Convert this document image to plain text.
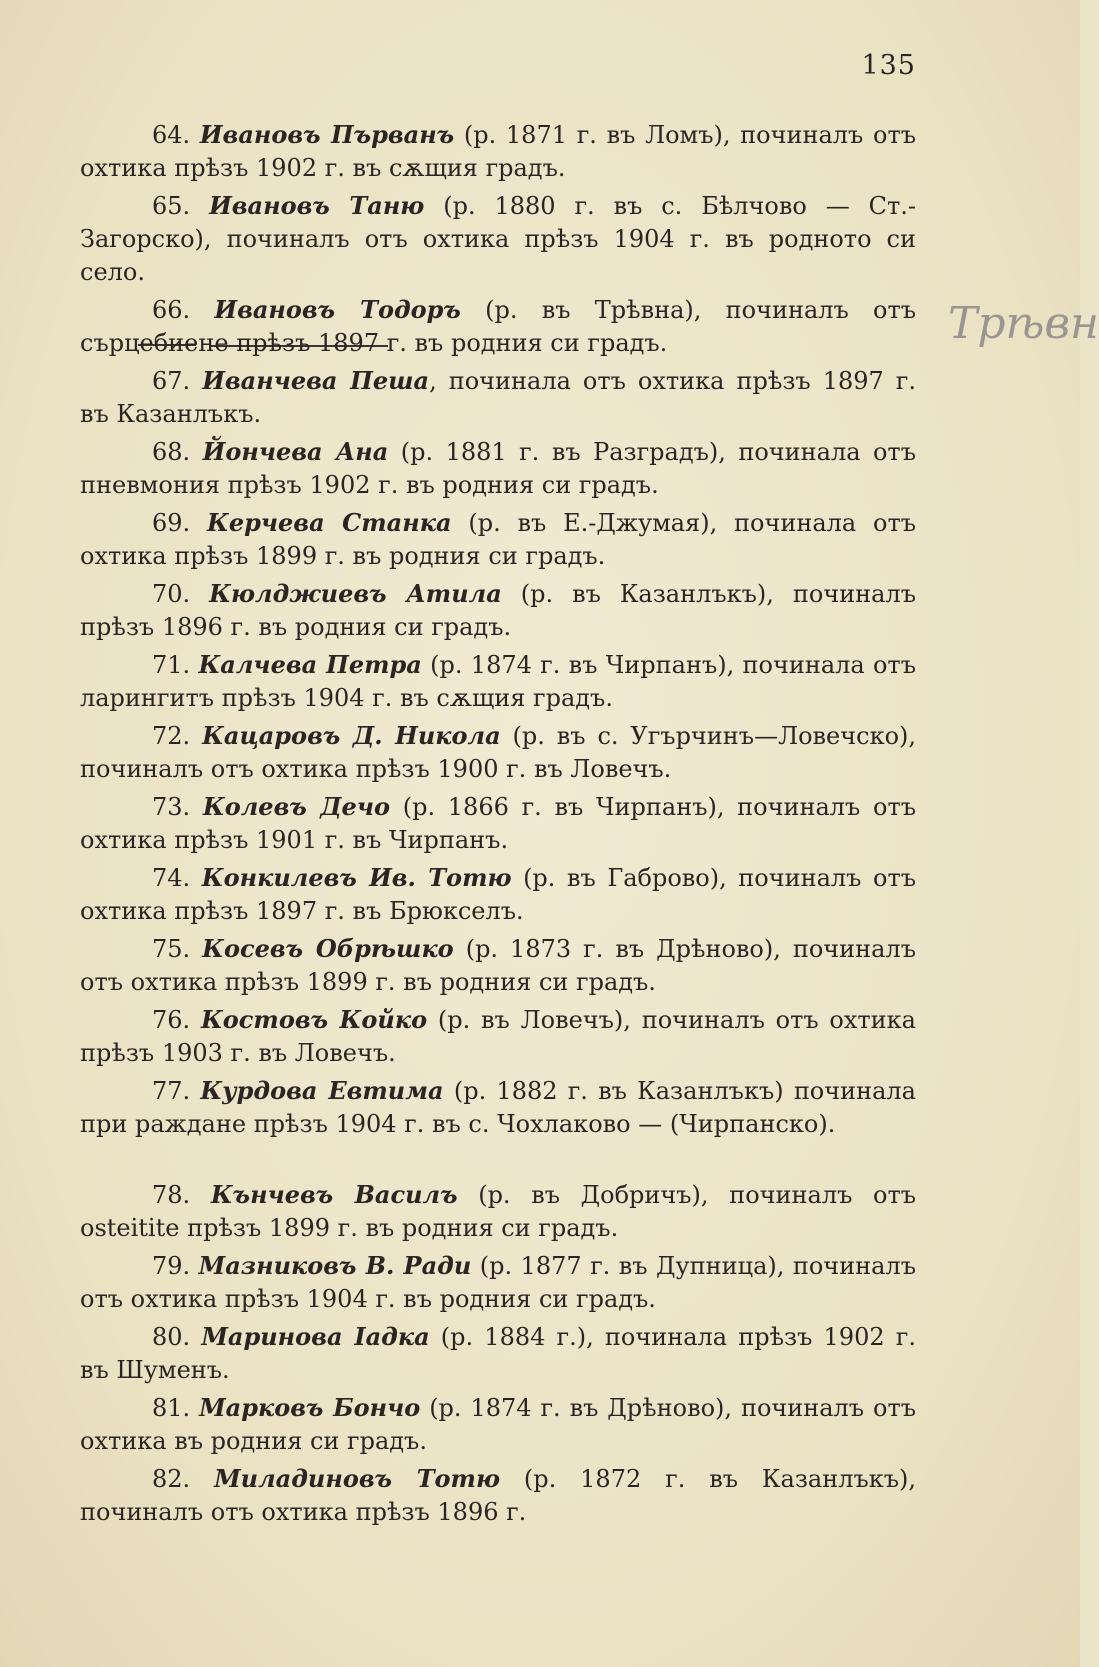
135
Трѣвн

64. Ивановъ Първанъ (р. 1871 г. въ Ломъ), починалъ отъ охтика прѣзъ 1902 г. въ сѫщия градъ.

65. Ивановъ Таню (р. 1880 г. въ с. Бѣлчово — Ст.-Загорско), починалъ отъ охтика прѣзъ 1904 г. въ родното си село.

66. Ивановъ Тодоръ (р. въ Трѣвна), починалъ отъ сърцебиене прѣзъ 1897 г. въ родния си градъ.

67. Иванчева Пеша, починала отъ охтика прѣзъ 1897 г. въ Казанлъкъ.

68. Йончева Ана (р. 1881 г. въ Разградъ), починала отъ пневмония прѣзъ 1902 г. въ родния си градъ.

69. Керчева Станка (р. въ Е.-Джумая), починала отъ охтика прѣзъ 1899 г. въ родния си градъ.

70. Кюлджиевъ Атила (р. въ Казанлъкъ), починалъ прѣзъ 1896 г. въ родния си градъ.

71. Калчева Петра (р. 1874 г. въ Чирпанъ), починала отъ ларингитъ прѣзъ 1904 г. въ сѫщия градъ.

72. Кацаровъ Д. Никола (р. въ с. Угърчинъ—Ловечско), починалъ отъ охтика прѣзъ 1900 г. въ Ловечъ.

73. Колевъ Дечо (р. 1866 г. въ Чирпанъ), починалъ отъ охтика прѣзъ 1901 г. въ Чирпанъ.

74. Конкилевъ Ив. Тотю (р. въ Габрово), починалъ отъ охтика прѣзъ 1897 г. въ Брюкселъ.

75. Косевъ Обрѣшко (р. 1873 г. въ Дрѣново), починалъ отъ охтика прѣзъ 1899 г. въ родния си градъ.

76. Костовъ Койко (р. въ Ловечъ), починалъ отъ охтика прѣзъ 1903 г. въ Ловечъ.

77. Курдова Евтима (р. 1882 г. въ Казанлъкъ) починала при раждане прѣзъ 1904 г. въ с. Чохлаково — (Чирпанско).

78. Кънчевъ Василъ (р. въ Добричъ), починалъ отъ osteitite прѣзъ 1899 г. въ родния си градъ.

79. Мазниковъ В. Ради (р. 1877 г. въ Дупница), починалъ отъ охтика прѣзъ 1904 г. въ родния си градъ.

80. Маринова Iадка (р. 1884 г.), починала прѣзъ 1902 г. въ Шуменъ.

81. Марковъ Бончо (р. 1874 г. въ Дрѣново), починалъ отъ охтика въ родния си градъ.

82. Миладиновъ Тотю (р. 1872 г. въ Казанлъкъ), починалъ отъ охтика прѣзъ 1896 г.
